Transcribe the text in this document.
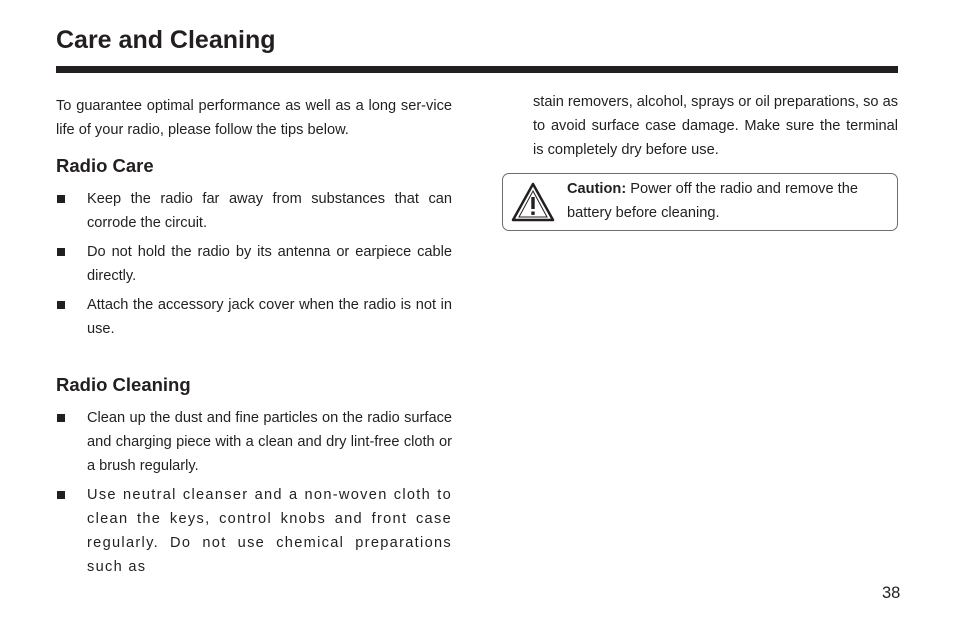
Care and Cleaning

To guarantee optimal performance as well as a long ser-vice life of your radio, please follow the tips below.

Radio Care
Keep the radio far away from substances that can corrode the circuit.
Do not hold the radio by its antenna or earpiece cable directly.
Attach the accessory jack cover when the radio is not in use.
Radio Cleaning
Clean up the dust and fine particles on the radio surface and charging piece with a clean and dry lint-free cloth or a brush regularly.
Use neutral cleanser and a non-woven cloth to clean the keys, control knobs and front case regularly. Do not use chemical preparations such as

stain removers, alcohol, sprays or oil preparations, so as to avoid surface case damage. Make sure the terminal is completely dry before use.

Caution: Power off the radio and remove the battery before cleaning.
38
